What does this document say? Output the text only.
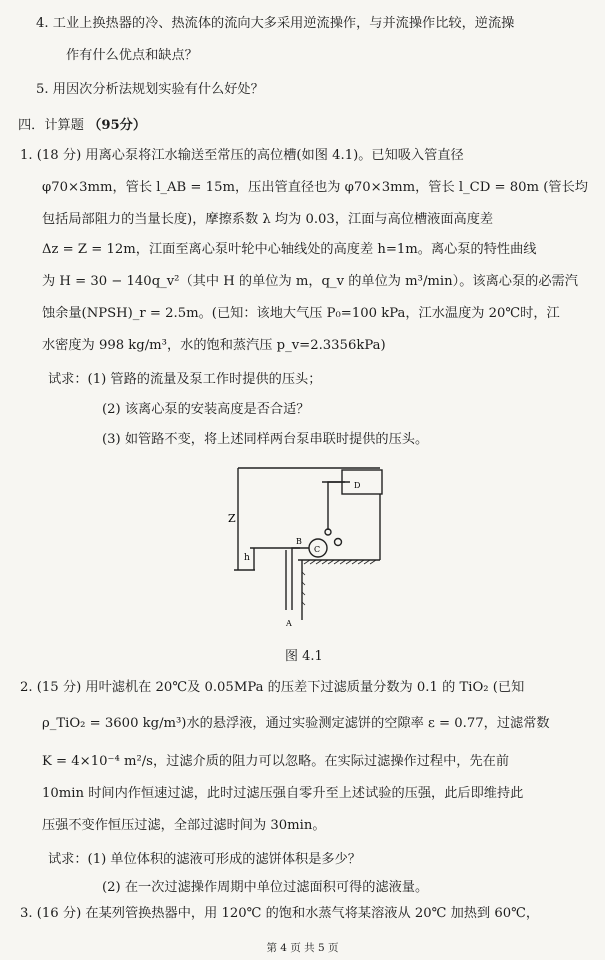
4. 工业上换热器的冷、热流体的流向大多采用逆流操作，与并流操作比较，逆流操
作有什么优点和缺点？
5. 用因次分析法规划实验有什么好处？
四．计算题 （95分）
1. (18 分) 用离心泵将江水输送至常压的高位槽(如图 4.1)。已知吸入管直径
φ70×3mm，管长 l_AB = 15m，压出管直径也为 φ70×3mm，管长 l_CD = 80m (管长均
包括局部阻力的当量长度)，摩擦系数 λ 均为 0.03，江面与高位槽液面高度差
Δz = Z = 12m，江面至离心泵叶轮中心轴线处的高度差 h=1m。离心泵的特性曲线
为 H = 30 − 140q_v²（其中 H 的单位为 m，q_v 的单位为 m³/min）。该离心泵的必需汽
蚀余量(NPSH)_r = 2.5m。(已知：该地大气压 P₀=100 kPa，江水温度为 20℃时，江
水密度为 998 kg/m³，水的饱和蒸汽压 p_v=2.3356kPa)
试求：(1) 管路的流量及泵工作时提供的压头；
(2) 该离心泵的安装高度是否合适？
(3) 如管路不变，将上述同样两台泵串联时提供的压头。
Z
h
A
B
C
D
图 4.1
2. (15 分) 用叶滤机在 20℃及 0.05MPa 的压差下过滤质量分数为 0.1 的 TiO₂ (已知
ρ_TiO₂ = 3600 kg/m³)水的悬浮液，通过实验测定滤饼的空隙率 ε = 0.77，过滤常数
K = 4×10⁻⁴ m²/s，过滤介质的阻力可以忽略。在实际过滤操作过程中，先在前
10min 时间内作恒速过滤，此时过滤压强自零升至上述试验的压强，此后即维持此
压强不变作恒压过滤，全部过滤时间为 30min。
试求：(1) 单位体积的滤液可形成的滤饼体积是多少？
(2) 在一次过滤操作周期中单位过滤面积可得的滤液量。
3. (16 分) 在某列管换热器中，用 120℃ 的饱和水蒸气将某溶液从 20℃ 加热到 60℃，
第 4 页 共 5 页
